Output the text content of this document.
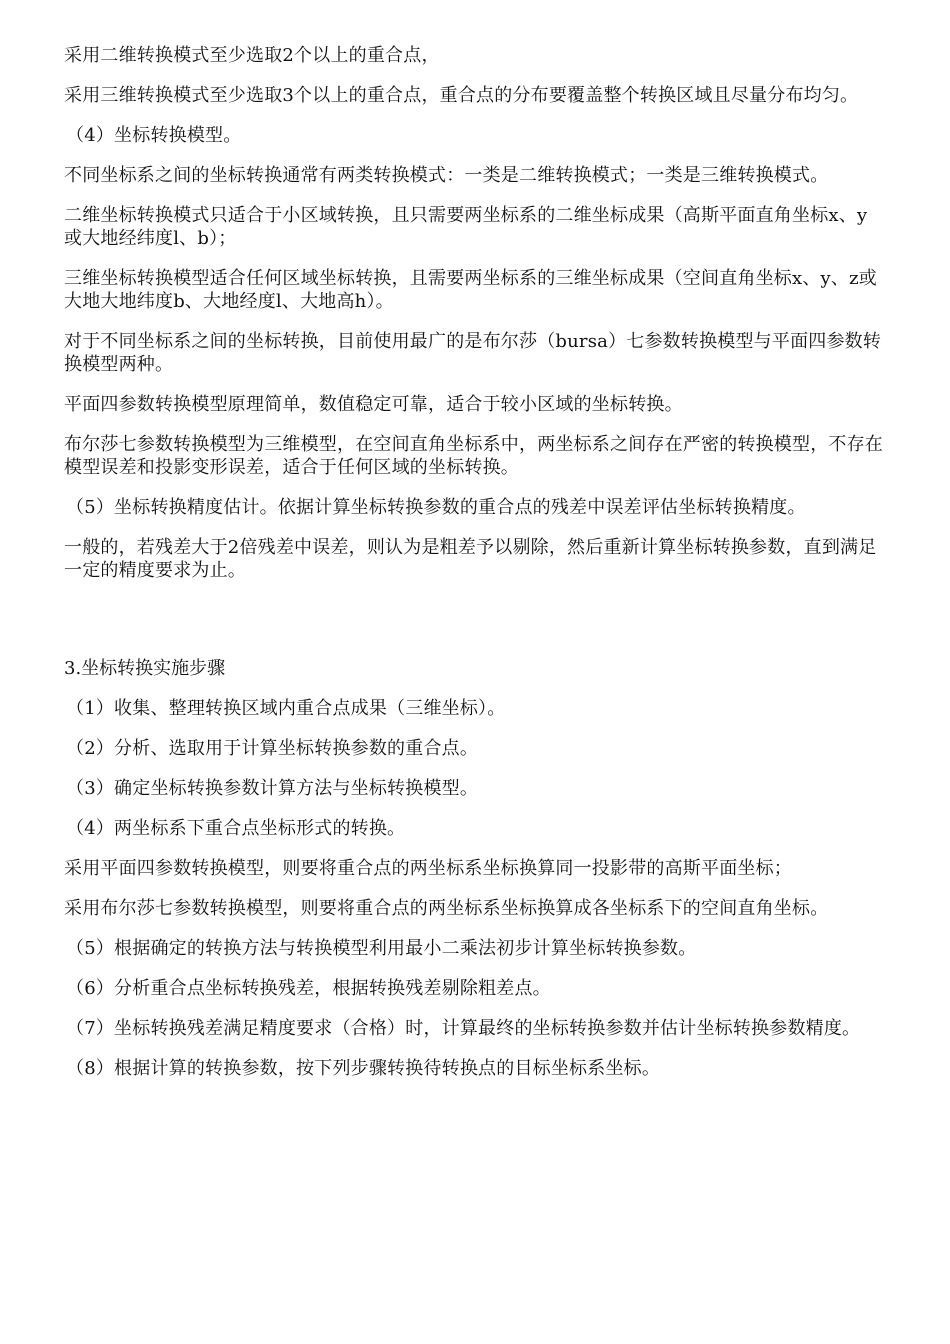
采用二维转换模式至少选取2个以上的重合点，

采用三维转换模式至少选取3个以上的重合点，重合点的分布要覆盖整个转换区域且尽量分布均匀。

（4）坐标转换模型。

不同坐标系之间的坐标转换通常有两类转换模式：一类是二维转换模式；一类是三维转换模式。

二维坐标转换模式只适合于小区域转换，且只需要两坐标系的二维坐标成果（高斯平面直角坐标x、y或大地经纬度l、b）；

三维坐标转换模型适合任何区域坐标转换，且需要两坐标系的三维坐标成果（空间直角坐标x、y、z或大地大地纬度b、大地经度l、大地高h）。

对于不同坐标系之间的坐标转换，目前使用最广的是布尔莎（bursa）七参数转换模型与平面四参数转换模型两种。

平面四参数转换模型原理简单，数值稳定可靠，适合于较小区域的坐标转换。

布尔莎七参数转换模型为三维模型，在空间直角坐标系中，两坐标系之间存在严密的转换模型，不存在模型误差和投影变形误差，适合于任何区域的坐标转换。

（5）坐标转换精度估计。依据计算坐标转换参数的重合点的残差中误差评估坐标转换精度。

一般的，若残差大于2倍残差中误差，则认为是粗差予以剔除，然后重新计算坐标转换参数，直到满足一定的精度要求为止。

3.坐标转换实施步骤

（1）收集、整理转换区域内重合点成果（三维坐标）。

（2）分析、选取用于计算坐标转换参数的重合点。

（3）确定坐标转换参数计算方法与坐标转换模型。

（4）两坐标系下重合点坐标形式的转换。

采用平面四参数转换模型，则要将重合点的两坐标系坐标换算同一投影带的高斯平面坐标；

采用布尔莎七参数转换模型，则要将重合点的两坐标系坐标换算成各坐标系下的空间直角坐标。

（5）根据确定的转换方法与转换模型利用最小二乘法初步计算坐标转换参数。

（6）分析重合点坐标转换残差，根据转换残差剔除粗差点。

（7）坐标转换残差满足精度要求（合格）时，计算最终的坐标转换参数并估计坐标转换参数精度。

（8）根据计算的转换参数，按下列步骤转换待转换点的目标坐标系坐标。
